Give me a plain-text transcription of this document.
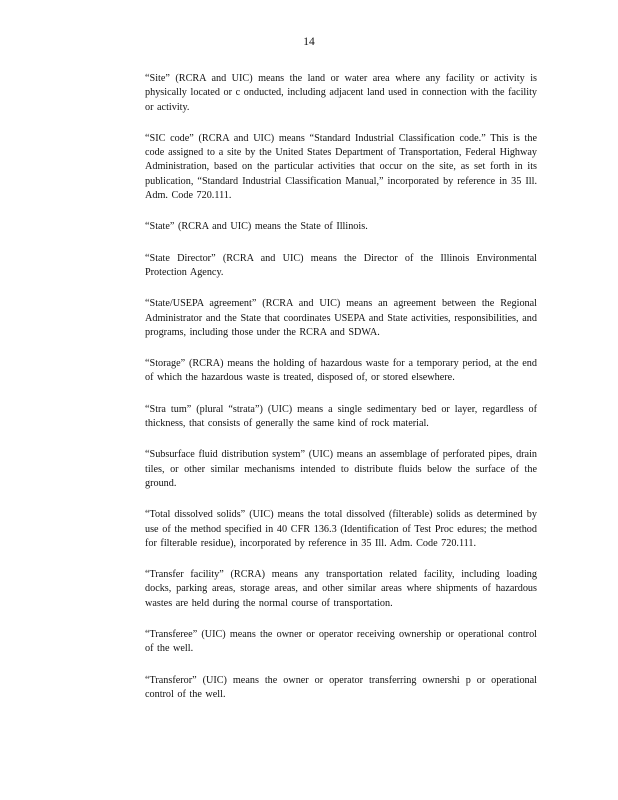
14

“Site” (RCRA and UIC) means the land or water area where any facility or activity is physically located or c onducted, including adjacent land used in connection with the facility or activity.

“SIC code” (RCRA and UIC) means “Standard Industrial Classification code.” This is the code assigned to a site by the United States Department of Transportation, Federal Highway Administration, based on the particular activities that occur on the site, as set forth in its publication, “Standard Industrial Classification Manual,” incorporated by reference in 35 Ill. Adm. Code 720.111.

“State” (RCRA and UIC) means the State of Illinois.

“State Director” (RCRA and UIC) means the Director of the Illinois Environmental Protection Agency.

“State/USEPA agreement” (RCRA and UIC) means an agreement between the Regional Administrator and the State that coordinates USEPA and State activities, responsibilities, and programs, including those under the RCRA and SDWA.

“Storage” (RCRA) means the holding of hazardous waste for a temporary period, at the end of which the hazardous waste is treated, disposed of, or stored elsewhere.

“Stra tum” (plural “strata”) (UIC) means a single sedimentary bed or layer, regardless of thickness, that consists of generally the same kind of rock material.

“Subsurface fluid distribution system” (UIC) means an assemblage of perforated pipes, drain tiles, or other similar mechanisms intended to distribute fluids below the surface of the ground.

“Total dissolved solids” (UIC) means the total dissolved (filterable) solids as determined by use of the method specified in 40 CFR 136.3 (Identification of Test Proc edures; the method for filterable residue), incorporated by reference in 35 Ill. Adm. Code 720.111.

“Transfer facility” (RCRA) means any transportation related facility, including loading docks, parking areas, storage areas, and other similar areas where shipments of hazardous wastes are held during the normal course of transportation.

“Transferee” (UIC) means the owner or operator receiving ownership or operational control of the well.

“Transferor” (UIC) means the owner or operator transferring ownershi p or operational control of the well.
